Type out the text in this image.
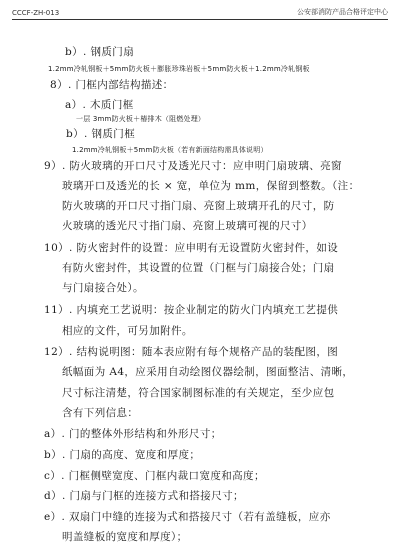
CCCF-ZH-013	公安部消防产品合格评定中心
b）. 钢质门扇
1.2mm冷轧钢板＋5mm防火板＋膨胀珍珠岩板＋5mm防火板＋1.2mm冷轧钢板
8）. 门框内部结构描述：
a）. 木质门框
一层 3mm防火板＋椿排木（阻燃处理）
b）. 钢质门框
1.2mm冷轧钢板＋5mm防火板（若有新面结构需具体说明）
9）. 防火玻璃的开口尺寸及透光尺寸：应申明门扇玻璃、亮窗
玻璃开口及透光的长 × 宽，单位为 mm，保留到整数。（注：
防火玻璃的开口尺寸指门扇、亮窗上玻璃开孔的尺寸，防
火玻璃的透光尺寸指门扇、亮窗上玻璃可视的尺寸）
10）. 防火密封件的设置：应申明有无设置防火密封件，如设
有防火密封件，其设置的位置（门框与门扇接合处；门扇
与门扇接合处）。
11）. 内填充工艺说明：按企业制定的防火门内填充工艺提供
相应的文件，可另加附件。
12）. 结构说明图：随本表应附有每个规格产品的装配图，图
纸幅面为 A4，应采用自动绘图仪器绘制，图面整洁、清晰，
尺寸标注清楚，符合国家制图标准的有关规定，至少应包
含有下列信息：
a）. 门的整体外形结构和外形尺寸；
b）. 门扇的高度、宽度和厚度；
c）. 门框侧壁宽度、门框内裁口宽度和高度；
d）. 门扇与门框的连接方式和搭接尺寸；
e）. 双扇门中缝的连接为式和搭接尺寸（若有盖缝板，应亦
明盖缝板的宽度和厚度）；
